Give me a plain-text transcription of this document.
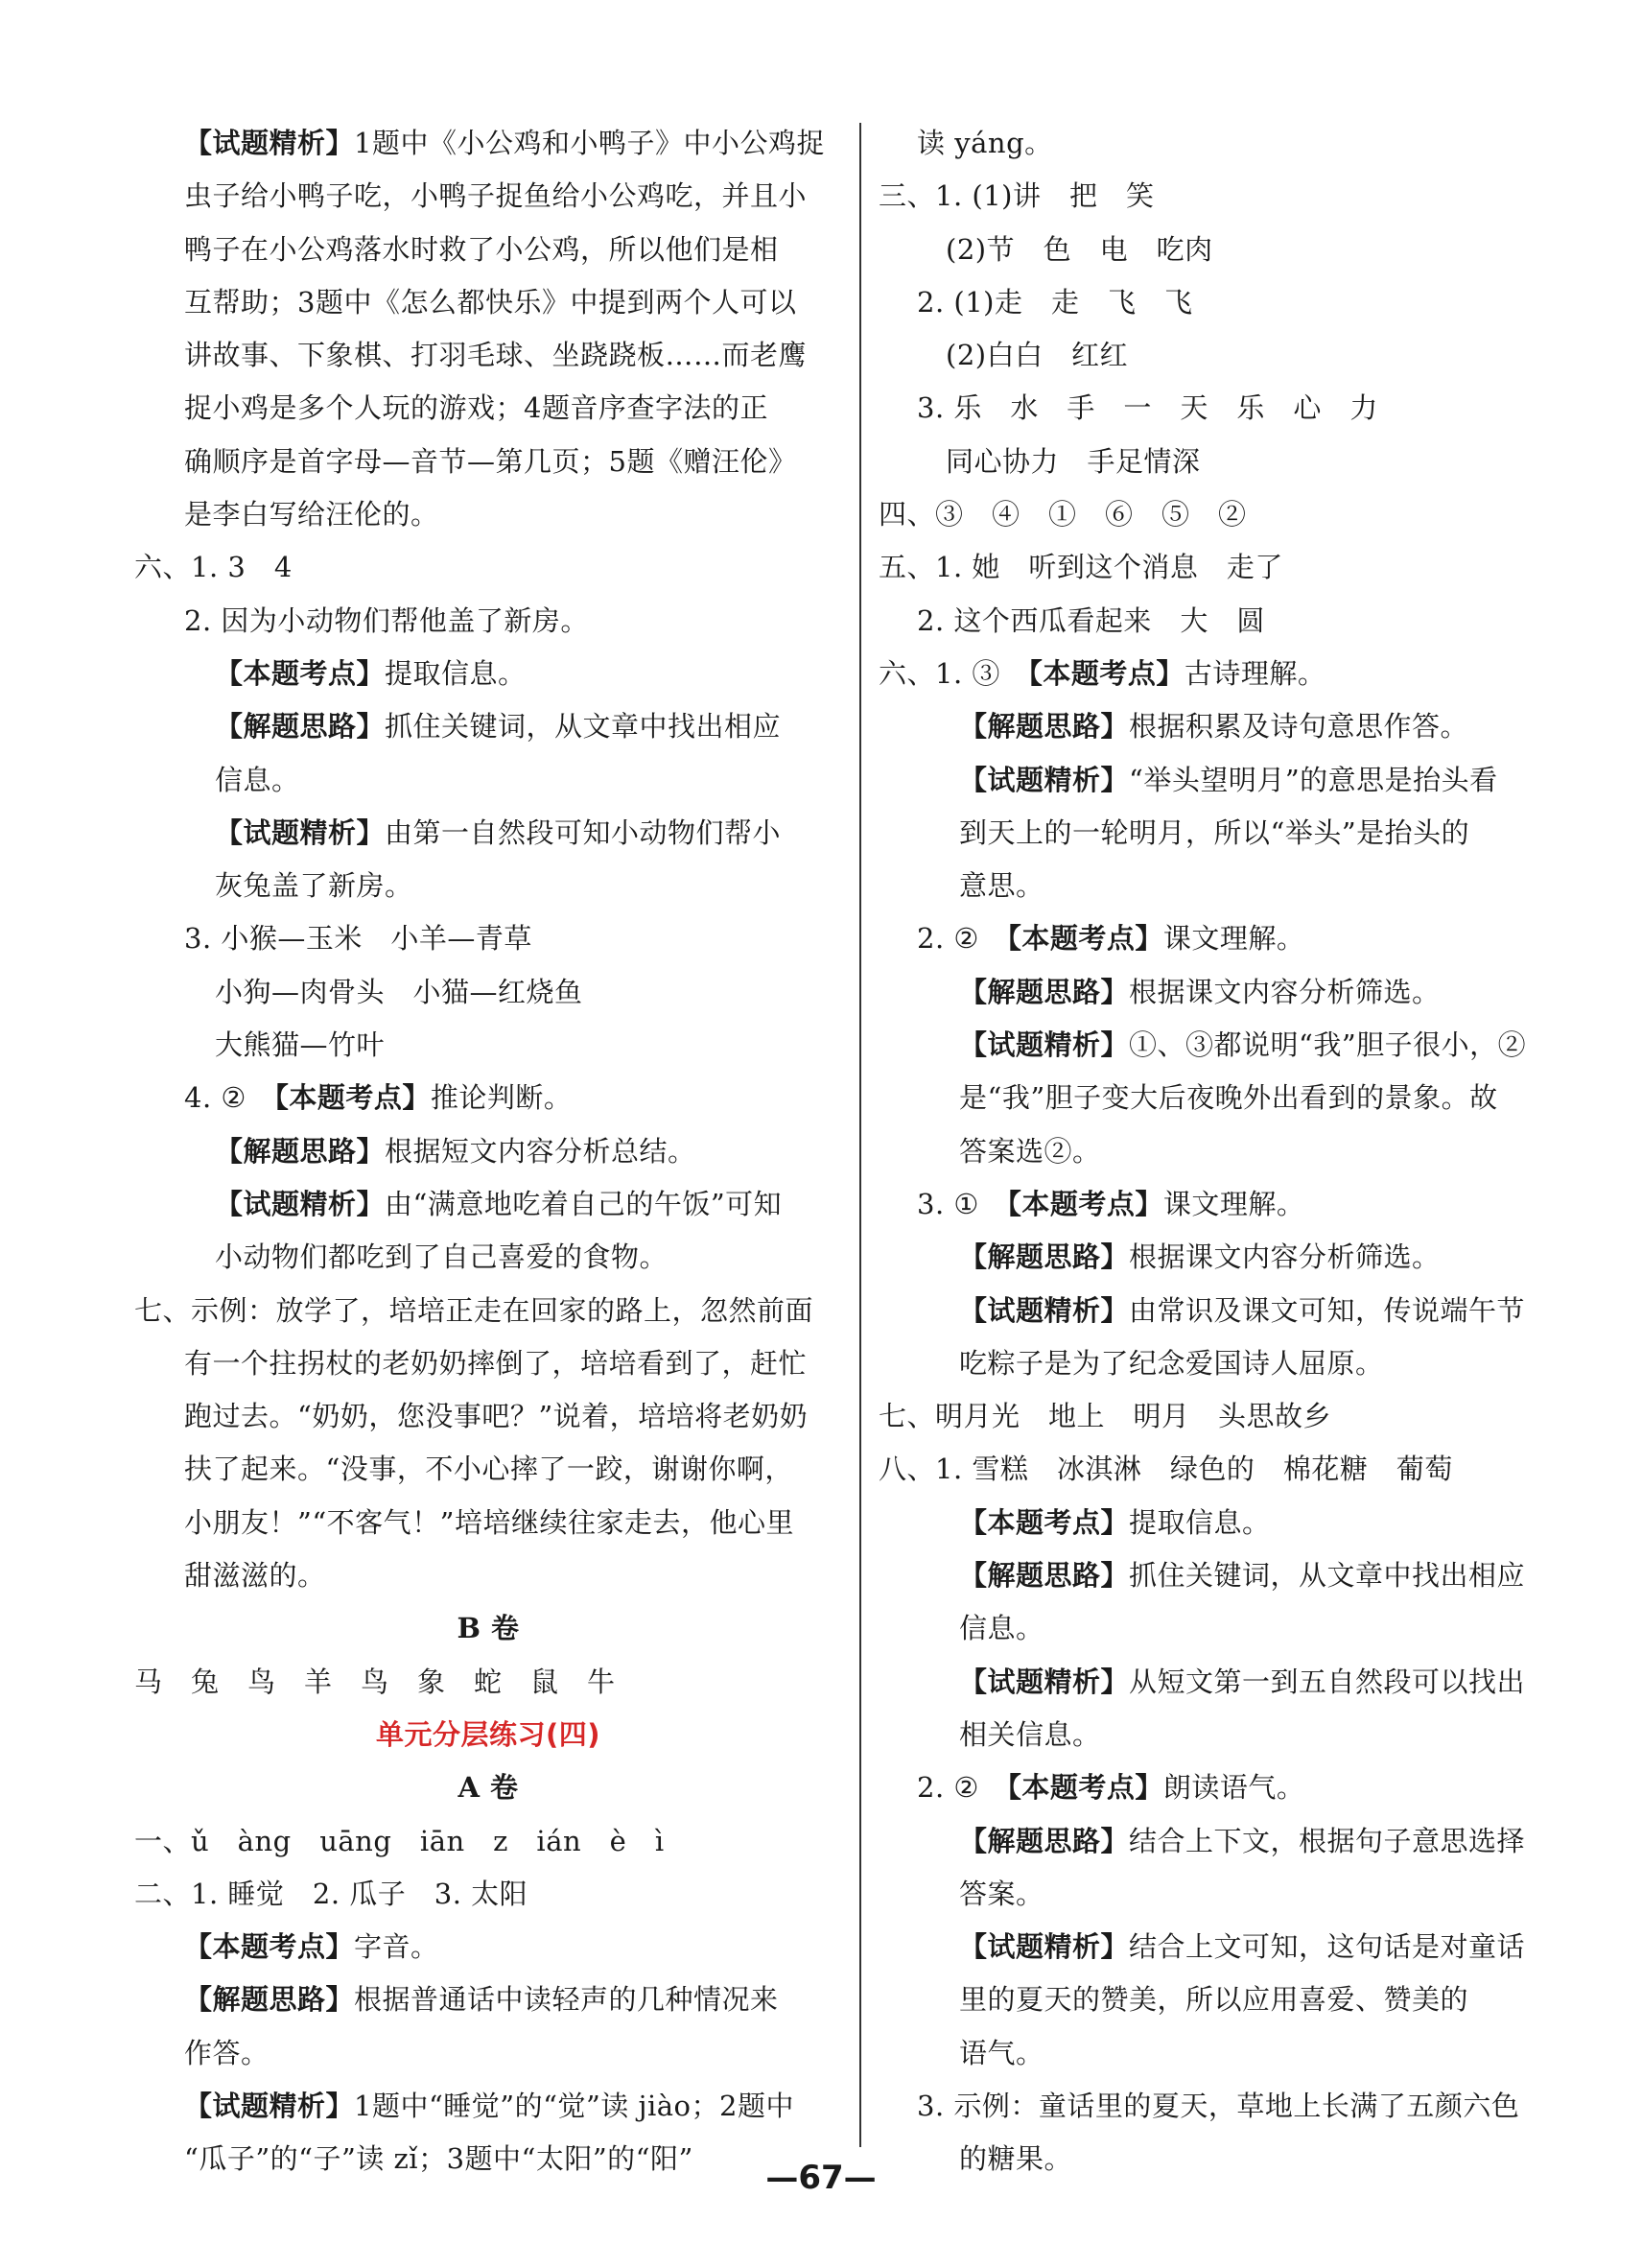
【试题精析】1题中《小公鸡和小鸭子》中小公鸡捉
虫子给小鸭子吃，小鸭子捉鱼给小公鸡吃，并且小
鸭子在小公鸡落水时救了小公鸡，所以他们是相
互帮助；3题中《怎么都快乐》中提到两个人可以
讲故事、下象棋、打羽毛球、坐跷跷板……而老鹰
捉小鸡是多个人玩的游戏；4题音序查字法的正
确顺序是首字母—音节—第几页；5题《赠汪伦》
是李白写给汪伦的。
六、1. 3　4
2. 因为小动物们帮他盖了新房。
【本题考点】提取信息。
【解题思路】抓住关键词，从文章中找出相应
信息。
【试题精析】由第一自然段可知小动物们帮小
灰兔盖了新房。
3. 小猴—玉米　小羊—青草
小狗—肉骨头　小猫—红烧鱼
大熊猫—竹叶
4. ②　【本题考点】推论判断。
【解题思路】根据短文内容分析总结。
【试题精析】由“满意地吃着自己的午饭”可知
小动物们都吃到了自己喜爱的食物。
七、示例：放学了，培培正走在回家的路上，忽然前面
有一个拄拐杖的老奶奶摔倒了，培培看到了，赶忙
跑过去。“奶奶，您没事吧？”说着，培培将老奶奶
扶了起来。“没事，不小心摔了一跤，谢谢你啊，
小朋友！”“不客气！”培培继续往家走去，他心里
甜滋滋的。
B 卷
马　兔　鸟　羊　鸟　象　蛇　鼠　牛
单元分层练习(四)
A 卷
一、ǔ　àng　uāng　iān　z　ián　è　ì
二、1. 睡觉　2. 瓜子　3. 太阳
【本题考点】字音。
【解题思路】根据普通话中读轻声的几种情况来
作答。
【试题精析】1题中“睡觉”的“觉”读 jiào；2题中
“瓜子”的“子”读 zǐ；3题中“太阳”的“阳”
读 yáng。
三、1. (1)讲　把　笑
(2)节　色　电　吃肉
2. (1)走　走　飞　飞
(2)白白　红红
3. 乐　水　手　一　天　乐　心　力
同心协力　手足情深
四、③　④　①　⑥　⑤　②
五、1. 她　听到这个消息　走了
2. 这个西瓜看起来　大　圆
六、1. ③　【本题考点】古诗理解。
【解题思路】根据积累及诗句意思作答。
【试题精析】“举头望明月”的意思是抬头看
到天上的一轮明月，所以“举头”是抬头的
意思。
2. ②　【本题考点】课文理解。
【解题思路】根据课文内容分析筛选。
【试题精析】①、③都说明“我”胆子很小，②
是“我”胆子变大后夜晚外出看到的景象。故
答案选②。
3. ①　【本题考点】课文理解。
【解题思路】根据课文内容分析筛选。
【试题精析】由常识及课文可知，传说端午节
吃粽子是为了纪念爱国诗人屈原。
七、明月光　地上　明月　头思故乡
八、1. 雪糕　冰淇淋　绿色的　棉花糖　葡萄
【本题考点】提取信息。
【解题思路】抓住关键词，从文章中找出相应
信息。
【试题精析】从短文第一到五自然段可以找出
相关信息。
2. ②　【本题考点】朗读语气。
【解题思路】结合上下文，根据句子意思选择
答案。
【试题精析】结合上文可知，这句话是对童话
里的夏天的赞美，所以应用喜爱、赞美的
语气。
3. 示例：童话里的夏天，草地上长满了五颜六色
的糖果。
—67—
